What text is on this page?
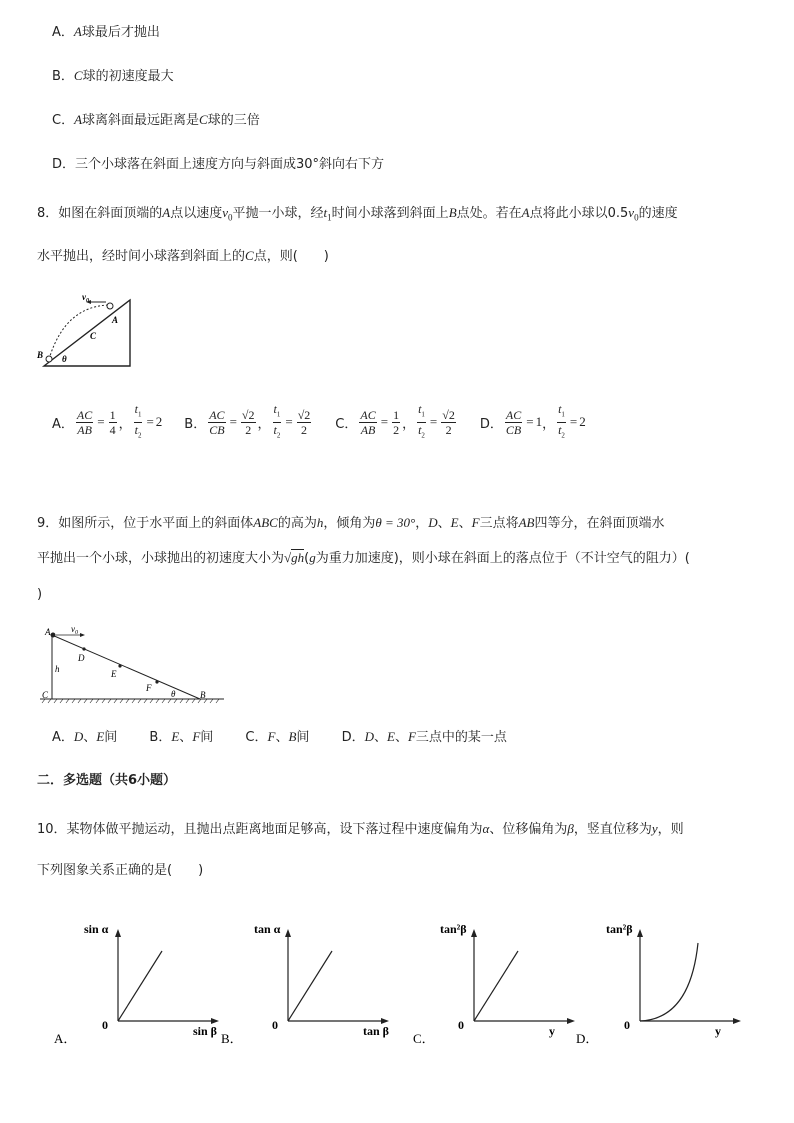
A．A球最后才抛出
B．C球的初速度最大
C．A球离斜面最远距离是C球的三倍
D．三个小球落在斜面上速度方向与斜面成30°斜向右下方
8．如图在斜面顶端的A点以速度$v_0$平抛一小球，经$t_1$时间小球落到斜面上B点处。若在A点将此小球以$0.5v_0$的速度
水平抛出，经时间小球落到斜面上的C点，则(　　)
$v_0$
A
C
B θ
A． $\frac{AC}{AB} = \frac{1}{4}$ ， $\frac{t_1}{t_2} = 2$ B． $\frac{AC}{CB} = \frac{√2}{2}$ ， $\frac{t_1}{t_2} = \frac{√2}{2}$ C． $\frac{AC}{AB} = \frac{1}{2}$ ， $\frac{t_1}{t_2} = \frac{√2}{2}$ D． $\frac{AC}{CB} = 1$ ， $\frac{t_1}{t_2} = 2$
9．如图所示，位于水平面上的斜面体ABC的高为h，倾角为θ = 30°，D、E、F三点将AB四等分，在斜面顶端水
平抛出一个小球，小球抛出的初速度大小为√gh(g为重力加速度)，则小球在斜面上的落点位于（不计空气的阻力）(
)
A $v_0$
D
h	E
F
C	θ	B
A．D、E间 B．E、F间 C．F、B间 D．D、E、F三点中的某一点
二．多选题（共6小题）
10．某物体做平抛运动，且抛出点距离地面足够高，设下落过程中速度偏角为α、位移偏角为β，竖直位移为y，则
下列图象关系正确的是(　　)
sin α
sin β
0
A．
tan α
tan β
0
B．
tan²β
y
0
C．
tan²β
y
0
D．
